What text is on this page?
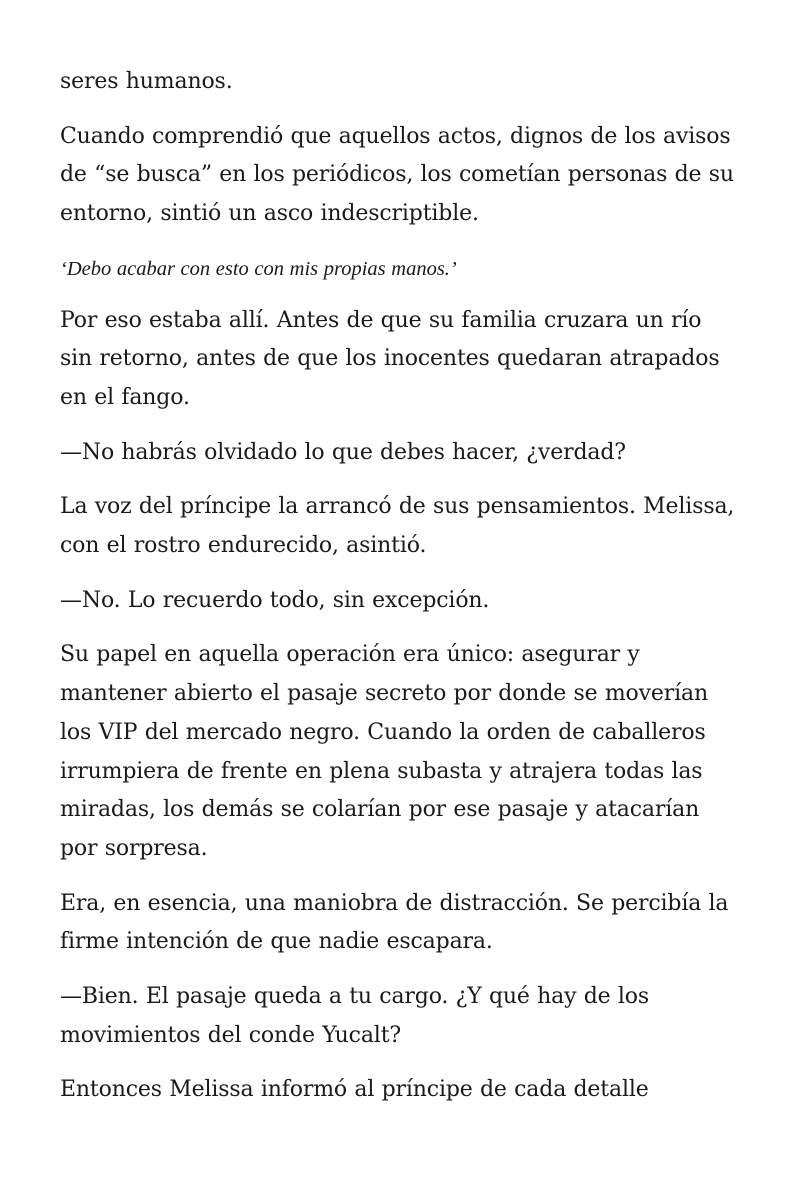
seres humanos.

Cuando comprendió que aquellos actos, dignos de los avisos
de “se busca” en los periódicos, los cometían personas de su
entorno, sintió un asco indescriptible.

‘Debo acabar con esto con mis propias manos.’

Por eso estaba allí. Antes de que su familia cruzara un río
sin retorno, antes de que los inocentes quedaran atrapados
en el fango.

—No habrás olvidado lo que debes hacer, ¿verdad?

La voz del príncipe la arrancó de sus pensamientos. Melissa,
con el rostro endurecido, asintió.

—No. Lo recuerdo todo, sin excepción.

Su papel en aquella operación era único: asegurar y
mantener abierto el pasaje secreto por donde se moverían
los VIP del mercado negro. Cuando la orden de caballeros
irrumpiera de frente en plena subasta y atrajera todas las
miradas, los demás se colarían por ese pasaje y atacarían
por sorpresa.

Era, en esencia, una maniobra de distracción. Se percibía la
firme intención de que nadie escapara.

—Bien. El pasaje queda a tu cargo. ¿Y qué hay de los
movimientos del conde Yucalt?

Entonces Melissa informó al príncipe de cada detalle
